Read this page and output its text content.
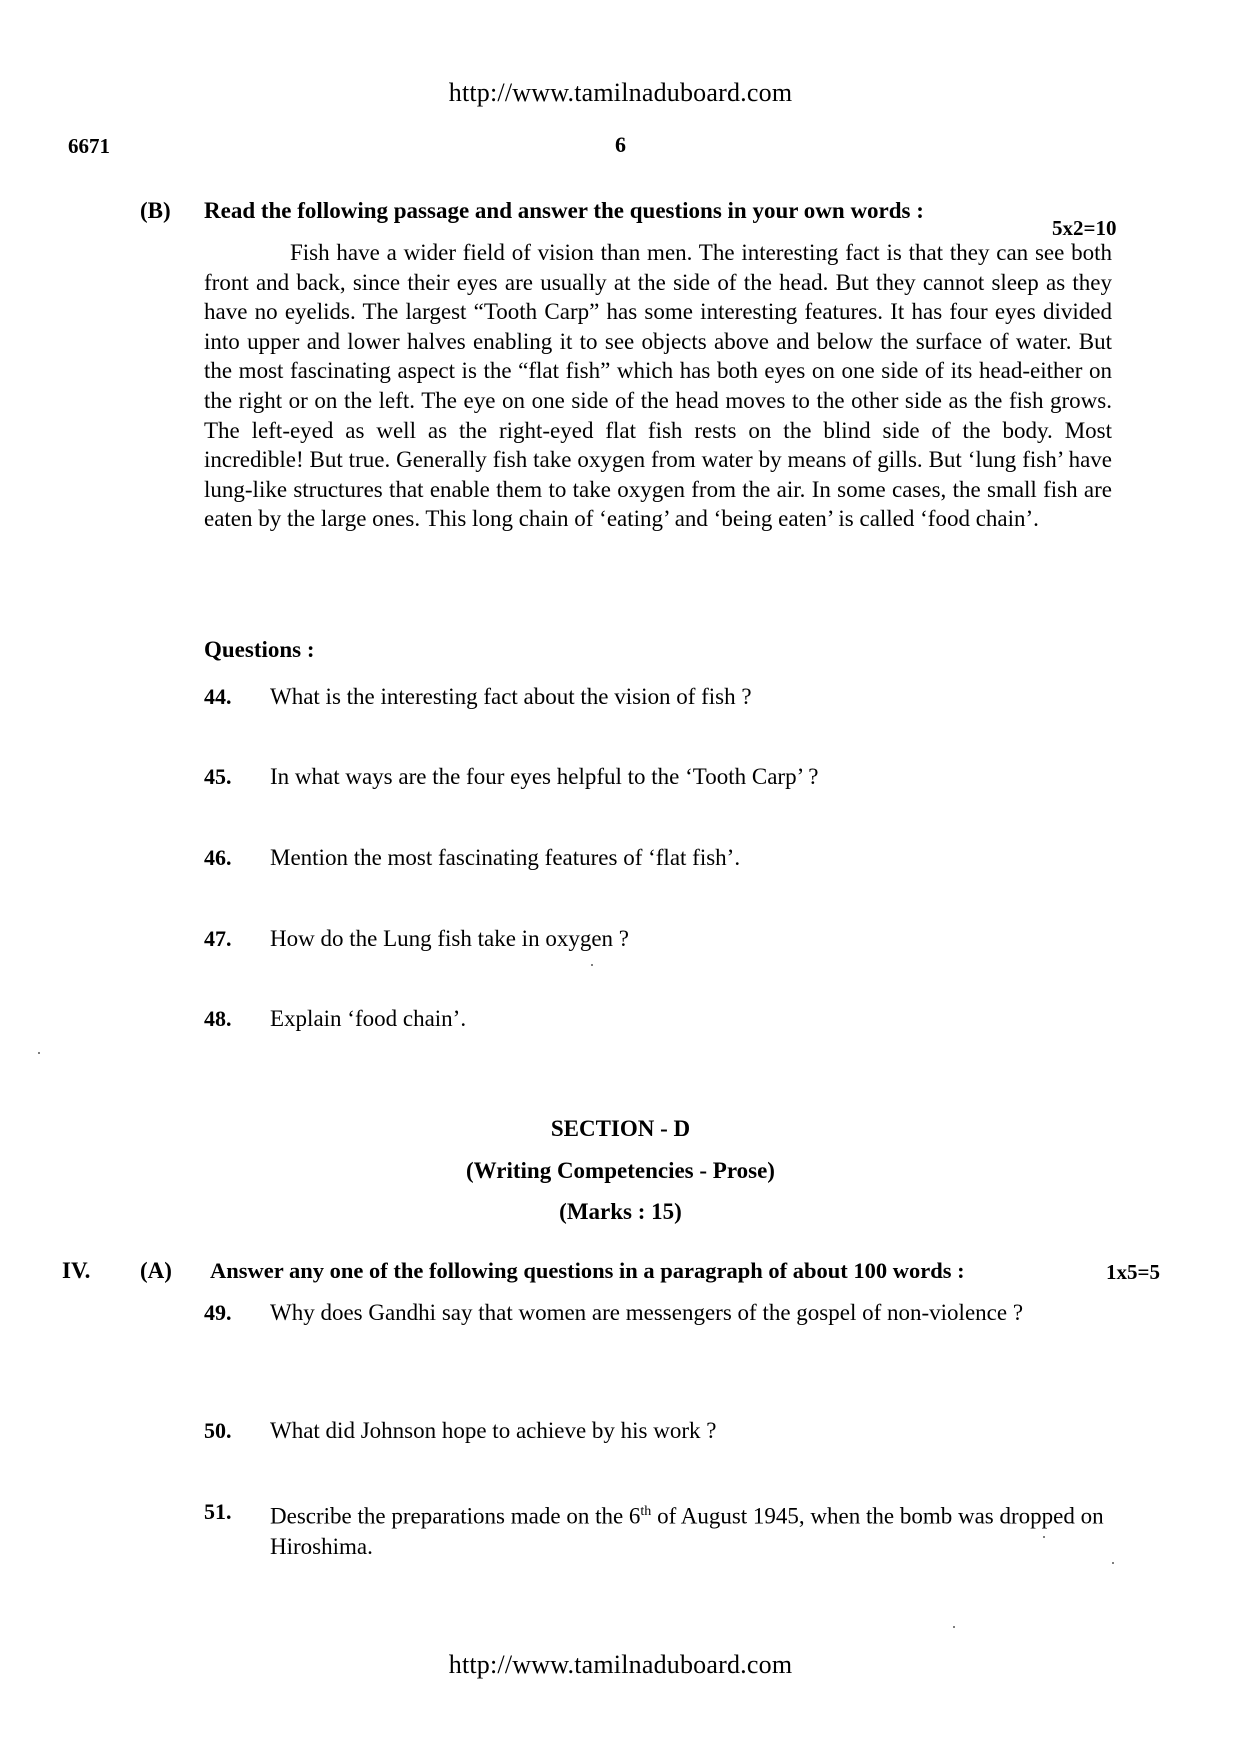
http://www.tamilnaduboard.com
6671	6
(B) Read the following passage and answer the questions in your own words :
5x2=10

Fish have a wider field of vision than men. The interesting fact is that they can see both front and back, since their eyes are usually at the side of the head. But they cannot sleep as they have no eyelids. The largest “Tooth Carp” has some interesting features. It has four eyes divided into upper and lower halves enabling it to see objects above and below the surface of water. But the most fascinating aspect is the “flat fish” which has both eyes on one side of its head-either on the right or on the left. The eye on one side of the head moves to the other side as the fish grows. The left-eyed as well as the right-eyed flat fish rests on the blind side of the body. Most incredible! But true. Generally fish take oxygen from water by means of gills. But ‘lung fish’ have lung-like structures that enable them to take oxygen from the air. In some cases, the small fish are eaten by the large ones. This long chain of ‘eating’ and ‘being eaten’ is called ‘food chain’.

Questions :
44. What is the interesting fact about the vision of fish ?
45. In what ways are the four eyes helpful to the ‘Tooth Carp’ ?
46. Mention the most fascinating features of ‘flat fish’.
47. How do the Lung fish take in oxygen ?
48. Explain ‘food chain’.
SECTION - D
(Writing Competencies - Prose)
(Marks : 15)
IV. (A) Answer any one of the following questions in a paragraph of about 100 words :	1x5=5
49. Why does Gandhi say that women are messengers of the gospel of non-violence ?
50. What did Johnson hope to achieve by his work ?
51. Describe the preparations made on the 6th of August 1945, when the bomb was dropped on Hiroshima.
http://www.tamilnaduboard.com
